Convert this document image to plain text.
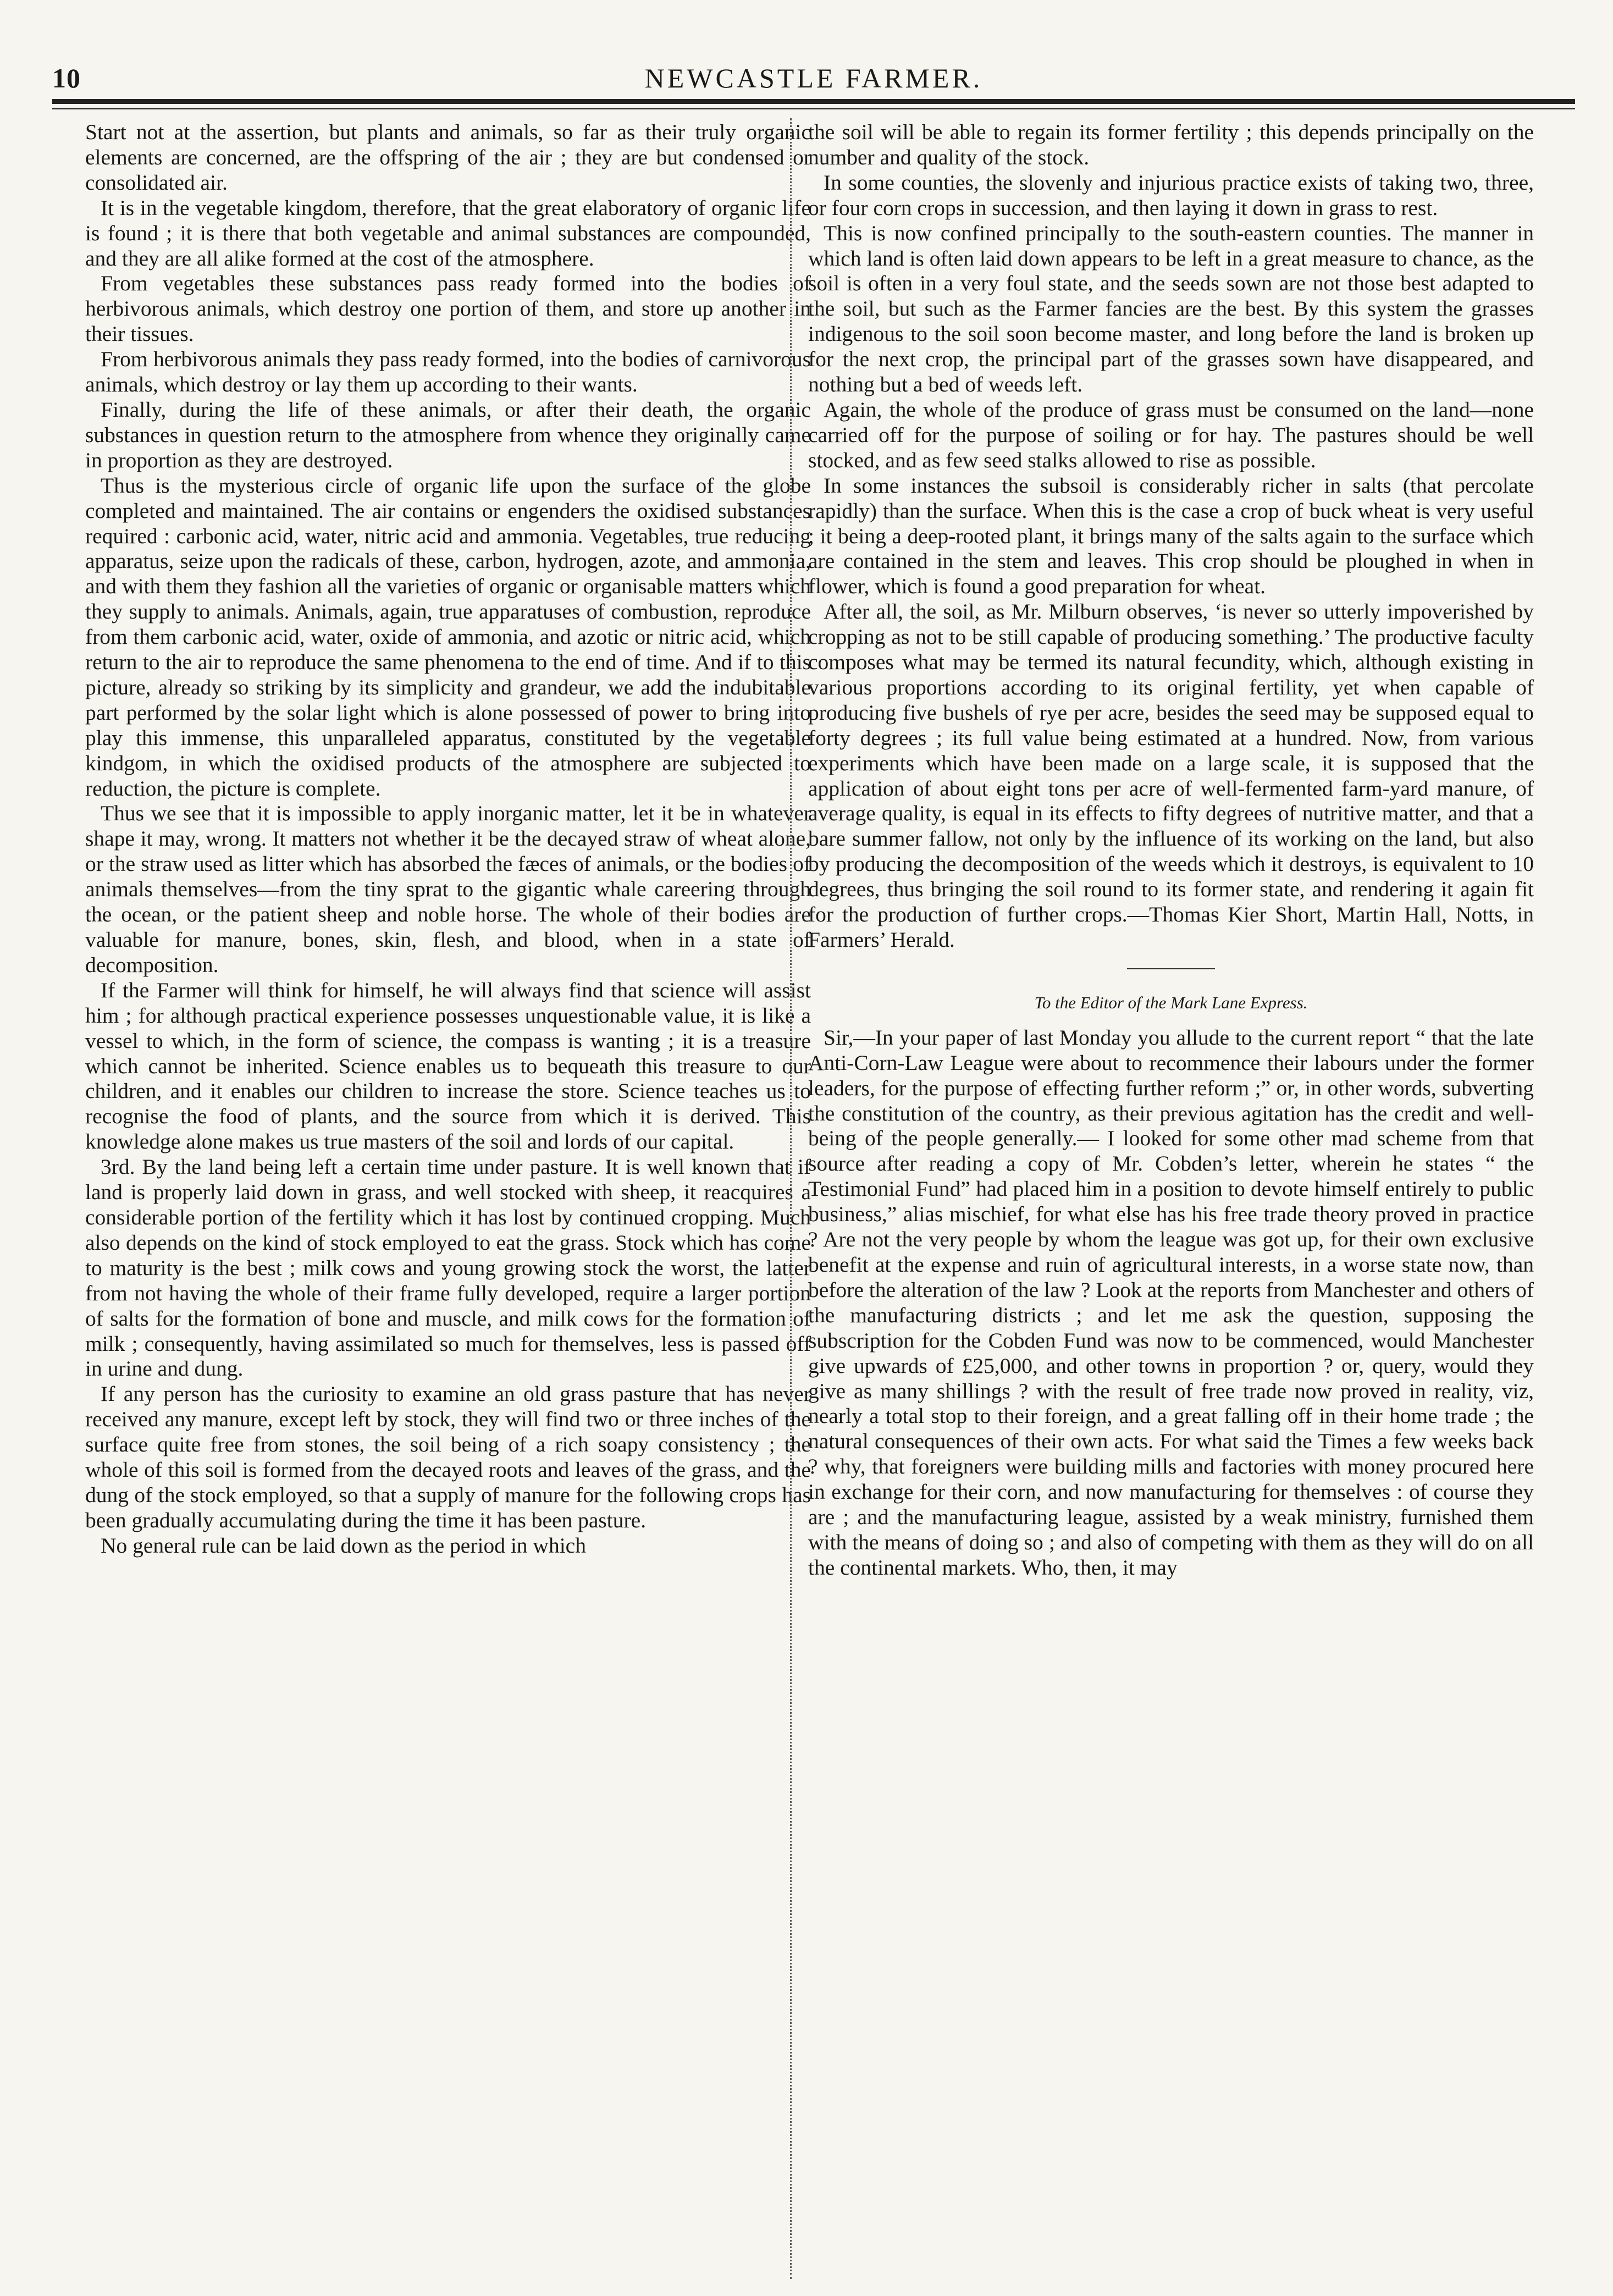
10	NEWCASTLE FARMER.

Start not at the assertion, but plants and animals, so far as their truly organic elements are concerned, are the offspring of the air ; they are but condensed or consolidated air.

It is in the vegetable kingdom, therefore, that the great elaboratory of organic life is found ; it is there that both vegetable and animal substances are compounded, and they are all alike formed at the cost of the atmosphere.

From vegetables these substances pass ready formed into the bodies of herbivorous animals, which destroy one portion of them, and store up another in their tissues.

From herbivorous animals they pass ready formed, into the bodies of carnivorous animals, which destroy or lay them up according to their wants.

Finally, during the life of these animals, or after their death, the organic substances in question return to the atmosphere from whence they originally came in proportion as they are destroyed.

Thus is the mysterious circle of organic life upon the surface of the globe completed and maintained. The air contains or engenders the oxidised substances required : carbonic acid, water, nitric acid and ammonia. Vegetables, true reducing apparatus, seize upon the radicals of these, carbon, hydrogen, azote, and ammonia, and with them they fashion all the varieties of organic or organisable matters which they supply to animals. Animals, again, true apparatuses of combustion, reproduce from them carbonic acid, water, oxide of ammonia, and azotic or nitric acid, which return to the air to reproduce the same phenomena to the end of time. And if to this picture, already so striking by its simplicity and grandeur, we add the indubitable part performed by the solar light which is alone possessed of power to bring into play this immense, this unparalleled apparatus, constituted by the vegetable kindgom, in which the oxidised products of the atmosphere are subjected to reduction, the picture is complete.

Thus we see that it is impossible to apply inorganic matter, let it be in whatever shape it may, wrong. It matters not whether it be the decayed straw of wheat alone, or the straw used as litter which has absorbed the fæces of animals, or the bodies of animals themselves—from the tiny sprat to the gigantic whale careering through the ocean, or the patient sheep and noble horse. The whole of their bodies are valuable for manure, bones, skin, flesh, and blood, when in a state of decomposition.

If the Farmer will think for himself, he will always find that science will assist him ; for although practical experience possesses unquestionable value, it is like a vessel to which, in the form of science, the compass is wanting ; it is a treasure which cannot be inherited. Science enables us to bequeath this treasure to our children, and it enables our children to increase the store. Science teaches us to recognise the food of plants, and the source from which it is derived. This knowledge alone makes us true masters of the soil and lords of our capital.

3rd. By the land being left a certain time under pasture. It is well known that if land is properly laid down in grass, and well stocked with sheep, it reacquires a considerable portion of the fertility which it has lost by continued cropping. Much also depends on the kind of stock employed to eat the grass. Stock which has come to maturity is the best ; milk cows and young growing stock the worst, the latter from not having the whole of their frame fully developed, require a larger portion of salts for the formation of bone and muscle, and milk cows for the formation of milk ; consequently, having assimilated so much for themselves, less is passed off in urine and dung.

If any person has the curiosity to examine an old grass pasture that has never received any manure, except left by stock, they will find two or three inches of the surface quite free from stones, the soil being of a rich soapy consistency ; the whole of this soil is formed from the decayed roots and leaves of the grass, and the dung of the stock employed, so that a supply of manure for the following crops has been gradually accumulating during the time it has been pasture.

No general rule can be laid down as the period in which

the soil will be able to regain its former fertility ; this depends principally on the number and quality of the stock.

In some counties, the slovenly and injurious practice exists of taking two, three, or four corn crops in succession, and then laying it down in grass to rest.

This is now confined principally to the south-eastern counties. The manner in which land is often laid down appears to be left in a great measure to chance, as the soil is often in a very foul state, and the seeds sown are not those best adapted to the soil, but such as the Farmer fancies are the best. By this system the grasses indigenous to the soil soon become master, and long before the land is broken up for the next crop, the principal part of the grasses sown have disappeared, and nothing but a bed of weeds left.

Again, the whole of the produce of grass must be consumed on the land—none carried off for the purpose of soiling or for hay. The pastures should be well stocked, and as few seed stalks allowed to rise as possible.

In some instances the subsoil is considerably richer in salts (that percolate rapidly) than the surface. When this is the case a crop of buck wheat is very useful ; it being a deep-rooted plant, it brings many of the salts again to the surface which are contained in the stem and leaves. This crop should be ploughed in when in flower, which is found a good preparation for wheat.

After all, the soil, as Mr. Milburn observes, ‘is never so utterly impoverished by cropping as not to be still capable of producing something.’ The productive faculty composes what may be termed its natural fecundity, which, although existing in various proportions according to its original fertility, yet when capable of producing five bushels of rye per acre, besides the seed may be supposed equal to forty degrees ; its full value being estimated at a hundred. Now, from various experiments which have been made on a large scale, it is supposed that the application of about eight tons per acre of well-fermented farm-yard manure, of average quality, is equal in its effects to fifty degrees of nutritive matter, and that a bare summer fallow, not only by the influence of its working on the land, but also by producing the decomposition of the weeds which it destroys, is equivalent to 10 degrees, thus bringing the soil round to its former state, and rendering it again fit for the production of further crops.—Thomas Kier Short, Martin Hall, Notts, in Farmers’ Herald.

To the Editor of the Mark Lane Express.

Sir,—In your paper of last Monday you allude to the current report “ that the late Anti-Corn-Law League were about to recommence their labours under the former leaders, for the purpose of effecting further reform ;” or, in other words, subverting the constitution of the country, as their previous agitation has the credit and well-being of the people generally.— I looked for some other mad scheme from that source after reading a copy of Mr. Cobden’s letter, wherein he states “ the Testimonial Fund” had placed him in a position to devote himself entirely to public business,” alias mischief, for what else has his free trade theory proved in practice ? Are not the very people by whom the league was got up, for their own exclusive benefit at the expense and ruin of agricultural interests, in a worse state now, than before the alteration of the law ? Look at the reports from Manchester and others of the manufacturing districts ; and let me ask the question, supposing the subscription for the Cobden Fund was now to be commenced, would Manchester give upwards of £25,000, and other towns in proportion ? or, query, would they give as many shillings ? with the result of free trade now proved in reality, viz, nearly a total stop to their foreign, and a great falling off in their home trade ; the natural consequences of their own acts. For what said the Times a few weeks back ? why, that foreigners were building mills and factories with money procured here in exchange for their corn, and now manufacturing for themselves : of course they are ; and the manufacturing league, assisted by a weak ministry, furnished them with the means of doing so ; and also of competing with them as they will do on all the continental markets. Who, then, it may
